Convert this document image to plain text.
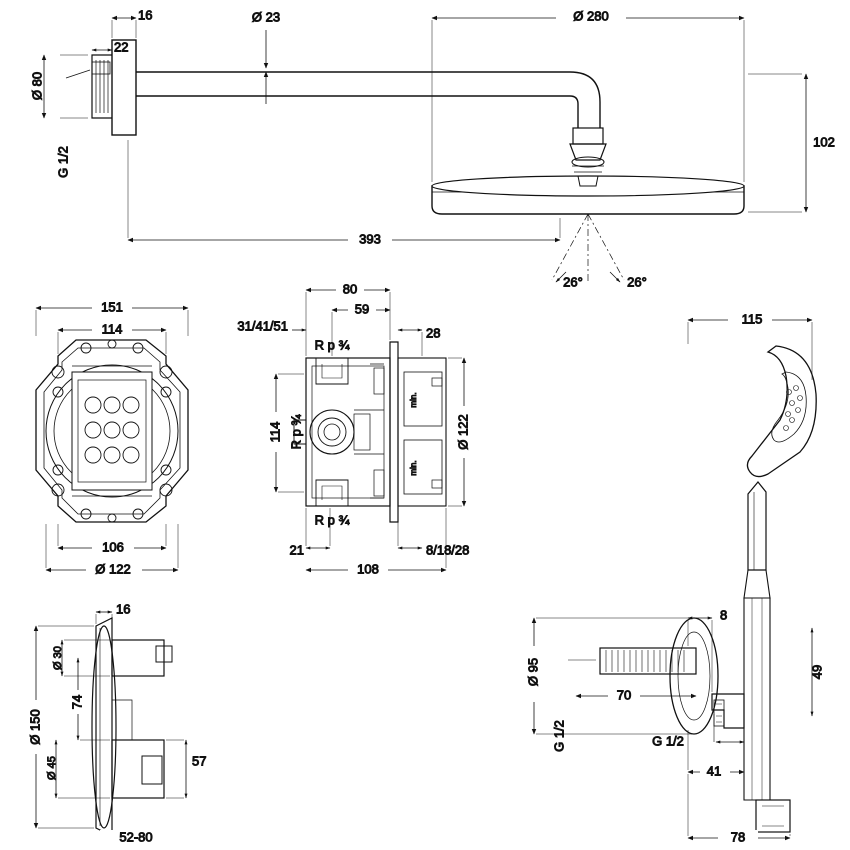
Ø 80
G 1/2
16
22
Ø 23	Ø 280
102
393
26°	26°
151
114
106
Ø 122
min.
min.
80
59
31/41/51	28
R p ¾
R p ¾
R p ¾
114	Ø 122
21	8/18/28
108
16
Ø 30
Ø 150
74
Ø 45	57
52-80
115
8
49
Ø 95
70
G 1/2	G 1/2
41
78
